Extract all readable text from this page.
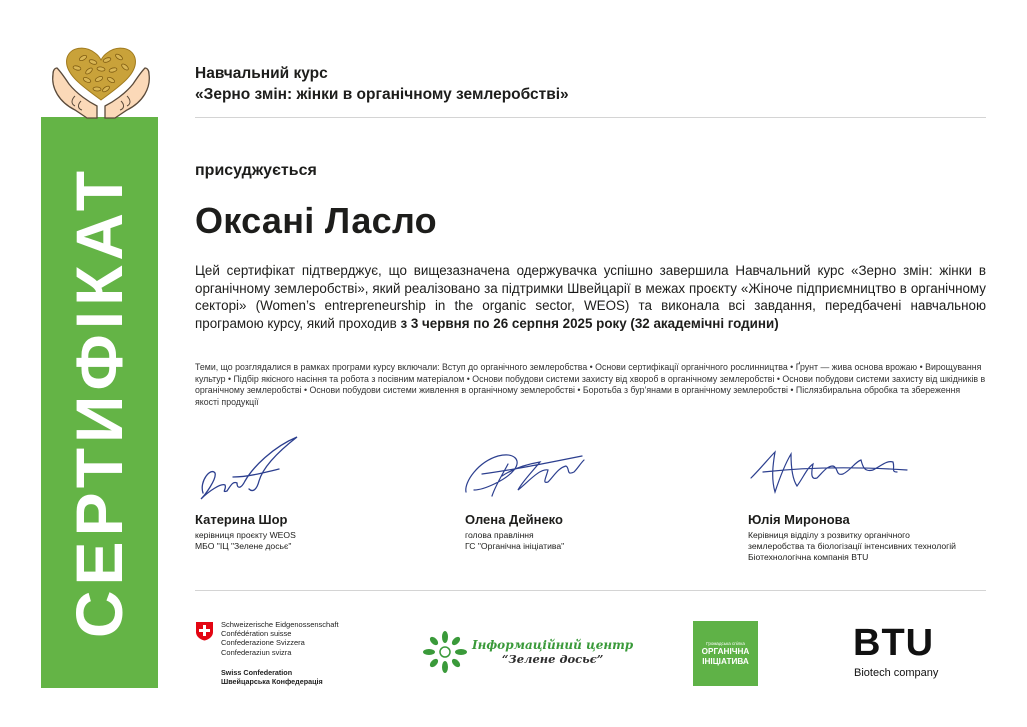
СЕРТИФІКАТ
Навчальний курс
«Зерно змін: жінки в органічному землеробстві»
присуджується
Оксані Ласло
Цей сертифікат підтверджує, що вищезазначена одержувачка успішно завершила Навчальний курс «Зерно змін: жінки в органічному землеробстві», який реалізовано за підтримки Швейцарії в межах проєкту «Жіноче підприємництво в органічному секторі» (Women’s entrepreneurship in the organic sector, WEOS) та виконала всі завдання, передбачені навчальною програмою курсу, який проходив з 3 червня по 26 серпня 2025 року (32 академічні години)
Теми, що розглядалися в рамках програми курсу включали: Вступ до органічного землеробства • Основи сертифікації органічного рослинництва • Ґрунт — жива основа врожаю • Вирощування культур • Підбір якісного насіння та робота з посівним матеріалом • Основи побудови системи захисту від хвороб в органічному землеробстві • Основи побудови системи захисту від шкідників в органічному землеробстві • Основи побудови системи живлення в органічному землеробстві • Боротьба з бур’янами в органічному землеробстві • Післязбиральна обробка та збереження якості продукції
Катерина Шор
керівниця проєкту WEOS
МБО "ІЦ "Зелене досьє"
Олена Дейнеко
голова правління
ГС "Органічна ініціатива"
Юлія Миронова
Керівниця відділу з розвитку органічного
землеробства та біологізації інтенсивних технологій
Біотехнологічна компанія BTU
Schweizerische Eidgenossenschaft
Confédération suisse
Confederazione Svizzera
Confederaziun svizra
Swiss Confederation
Швейцарська Конфедерація
Інформаційний центр
“Зелене досьє”
Громадська спілка
ОРГАНІЧНА
ІНІЦІАТИВА	BTU
Biotech company
